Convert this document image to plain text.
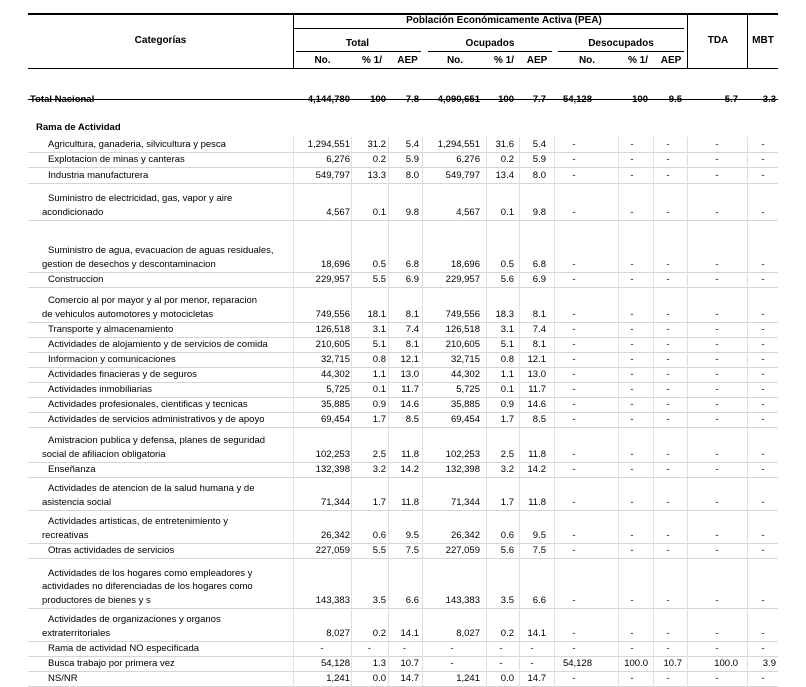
Población Económicamente Activa (PEA)
Categorías	Total	Ocupados	Desocupados	TDA	MBT
No.	% 1/	AEP	No.	% 1/	AEP	No.	% 1/	AEP
Total Nacional	4,144,780	100	7.8	4,090,651	100	7.7	54,128	100	9.5	5.7	3.3
Rama de Actividad
Agricultura, ganaderia, silvicultura y pesca	1,294,551	31.2	5.4	1,294,551	31.6	5.4	-	-	-	-	-
Explotacion de minas y canteras	6,276	0.2	5.9	6,276	0.2	5.9	-	-	-	-	-
Industria manufacturera	549,797	13.3	8.0	549,797	13.4	8.0	-	-	-	-	-
Suministro de electricidad, gas, vapor y aire
acondicionado	4,567	0.1	9.8	4,567	0.1	9.8	-	-	-	-	-
Suministro de agua, evacuacion de aguas residuales,
gestion de desechos y descontaminacion	18,696	0.5	6.8	18,696	0.5	6.8	-	-	-	-	-
Construccion	229,957	5.5	6.9	229,957	5.6	6.9	-	-	-	-	-
Comercio al por mayor y al por menor, reparacion
de vehiculos automotores y motocicletas	749,556	18.1	8.1	749,556	18.3	8.1	-	-	-	-	-
Transporte y almacenamiento	126,518	3.1	7.4	126,518	3.1	7.4	-	-	-	-	-
Actividades de alojamiento y de servicios de comida	210,605	5.1	8.1	210,605	5.1	8.1	-	-	-	-	-
Informacion y comunicaciones	32,715	0.8	12.1	32,715	0.8	12.1	-	-	-	-	-
Actividades finacieras y de seguros	44,302	1.1	13.0	44,302	1.1	13.0	-	-	-	-	-
Actividades inmobiliarias	5,725	0.1	11.7	5,725	0.1	11.7	-	-	-	-	-
Actividades profesionales, cientificas y tecnicas	35,885	0.9	14.6	35,885	0.9	14.6	-	-	-	-	-
Actividades de servicios administrativos y de apoyo	69,454	1.7	8.5	69,454	1.7	8.5	-	-	-	-	-
Amistracion publica y defensa, planes de seguridad
social de afiliacion obligatoria	102,253	2.5	11.8	102,253	2.5	11.8	-	-	-	-	-
Enseñanza	132,398	3.2	14.2	132,398	3.2	14.2	-	-	-	-	-
Actividades de atencion de la salud humana y de
asistencia social	71,344	1.7	11.8	71,344	1.7	11.8	-	-	-	-	-
Actividades artisticas, de entretenimiento y
recreativas	26,342	0.6	9.5	26,342	0.6	9.5	-	-	-	-	-
Otras actividades de servicios	227,059	5.5	7.5	227,059	5.6	7.5	-	-	-	-	-
Actividades de los hogares como empleadores y
actividades no diferenciadas de los hogares como
productores de bienes y s	143,383	3.5	6.6	143,383	3.5	6.6	-	-	-	-	-
Actividades de organizaciones y organos
extraterritoriales	8,027	0.2	14.1	8,027	0.2	14.1	-	-	-	-	-
Rama de actividad NO especificada	-	-	-	-	-	-	-	-	-	-	-
Busca trabajo por primera vez	54,128	1.3	10.7	-	-	-	54,128	100.0	10.7	100.0	3.9
NS/NR	1,241	0.0	14.7	1,241	0.0	14.7	-	-	-	-	-
